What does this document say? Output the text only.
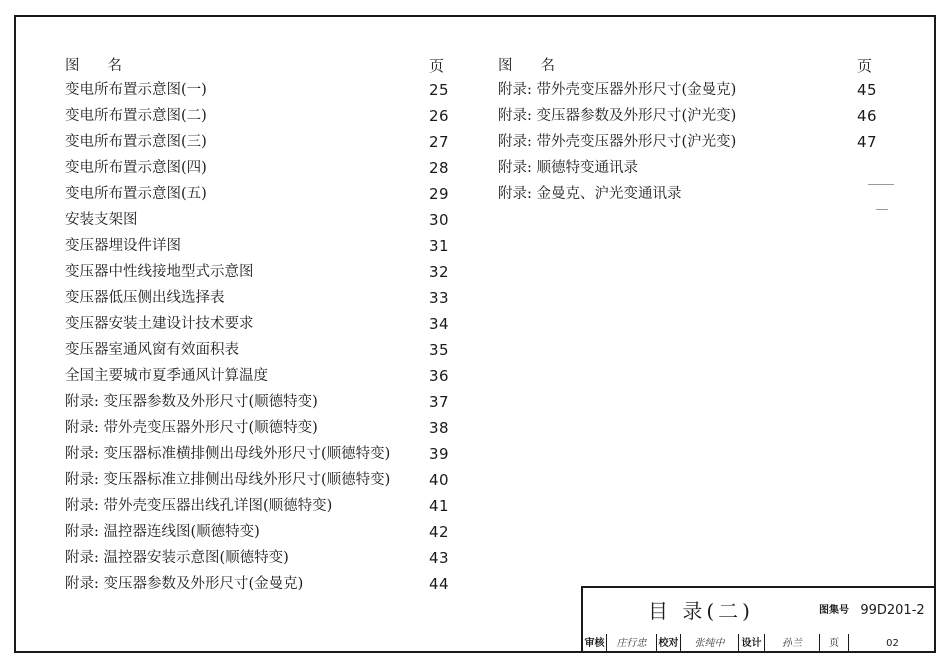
图名	页
变电所布置示意图(一)	25
变电所布置示意图(二)	26
变电所布置示意图(三)	27
变电所布置示意图(四)	28
变电所布置示意图(五)	29
安装支架图	30
变压器埋设件详图	31
变压器中性线接地型式示意图	32
变压器低压侧出线选择表	33
变压器安装土建设计技术要求	34
变压器室通风窗有效面积表	35
全国主要城市夏季通风计算温度	36
附录: 变压器参数及外形尺寸(顺德特变)	37
附录: 带外壳变压器外形尺寸(顺德特变)	38
附录: 变压器标准横排侧出母线外形尺寸(顺德特变)	39
附录: 变压器标准立排侧出母线外形尺寸(顺德特变)	40
附录: 带外壳变压器出线孔详图(顺德特变)	41
附录: 温控器连线图(顺德特变)	42
附录: 温控器安装示意图(顺德特变)	43
附录: 变压器参数及外形尺寸(金曼克)	44
图名	页
附录: 带外壳变压器外形尺寸(金曼克)	45
附录: 变压器参数及外形尺寸(沪光变)	46
附录: 带外壳变压器外形尺寸(沪光变)	47
附录: 顺德特变通讯录
附录: 金曼克、沪光变通讯录
目 录(二)	图集号 99D201-2
审核	庄行忠	校对	张纯中	设计	孙兰	页	02
